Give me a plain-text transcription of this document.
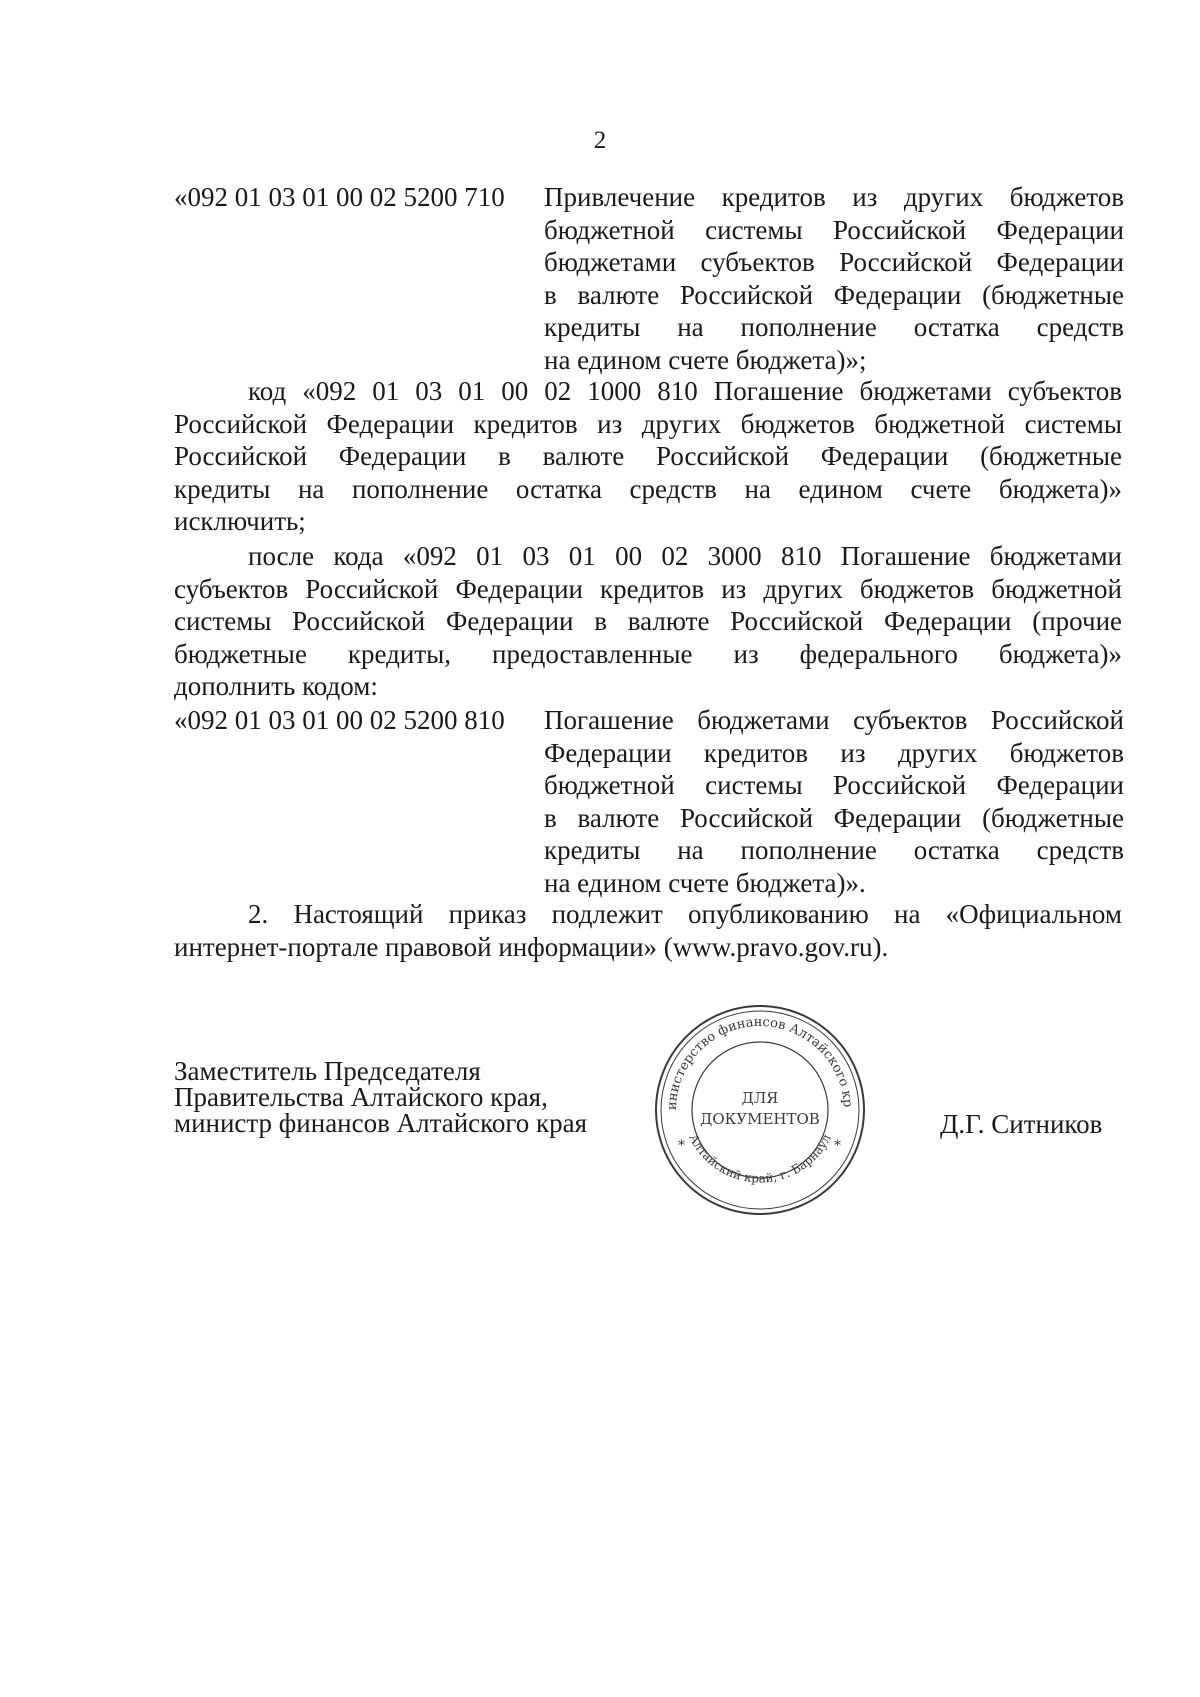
2
«092 01 03 01 00 02 5200 710 Привлечение кредитов из других бюджетов
бюджетной системы Российской Федерации
бюджетами субъектов Российской Федерации
в валюте Российской Федерации (бюджетные
кредиты на пополнение остатка средств
на едином счете бюджета)»;
код «092 01 03 01 00 02 1000 810 Погашение бюджетами субъектов
Российской Федерации кредитов из других бюджетов бюджетной системы
Российской Федерации в валюте Российской Федерации (бюджетные
кредиты на пополнение остатка средств на едином счете бюджета)»
исключить;
после кода «092 01 03 01 00 02 3000 810 Погашение бюджетами
субъектов Российской Федерации кредитов из других бюджетов бюджетной
системы Российской Федерации в валюте Российской Федерации (прочие
бюджетные кредиты, предоставленные из федерального бюджета)»
дополнить кодом:
«092 01 03 01 00 02 5200 810 Погашение бюджетами субъектов Российской
Федерации кредитов из других бюджетов
бюджетной системы Российской Федерации
в валюте Российской Федерации (бюджетные
кредиты на пополнение остатка средств
на едином счете бюджета)».
2. Настоящий приказ подлежит опубликованию на «Официальном
интернет-портале правовой информации» (www.pravo.gov.ru).
Заместитель Председателя
Правительства Алтайского края,
министр финансов Алтайского края
инистерство финансов Алтайского кр
Алтайский край, г. Барнаул
*	*
ДЛЯ
ДОКУМЕНТОВ	Д.Г. Ситников
